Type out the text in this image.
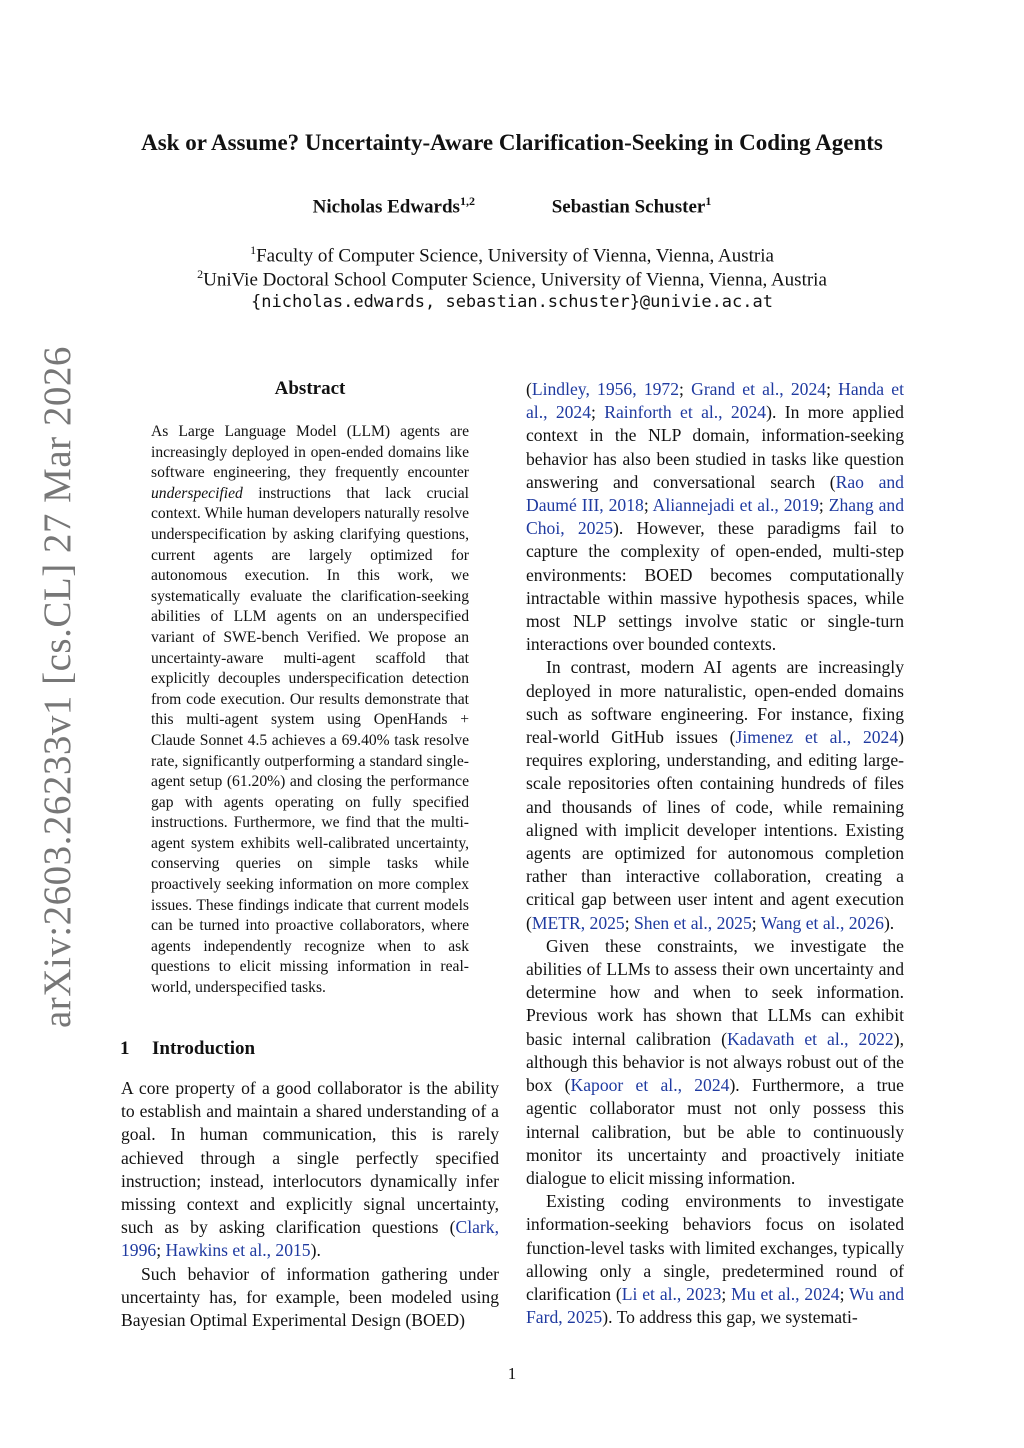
Ask or Assume? Uncertainty-Aware Clarification-Seeking in Coding Agents
Nicholas Edwards$^{1,2}$	Sebastian Schuster$^1$
$^1$Faculty of Computer Science, University of Vienna, Vienna, Austria
$^2$UniVie Doctoral School Computer Science, University of Vienna, Vienna, Austria
{nicholas.edwards, sebastian.schuster}@univie.ac.at
arXiv:2603.26233v1 [cs.CL] 27 Mar 2026	Abstract
As Large Language Model (LLM) agents are increasingly deployed in open-ended domains like software engineering, they frequently encounter underspecified instructions that lack crucial context. While human developers naturally resolve underspecification by asking clarifying questions, current agents are largely optimized for autonomous execution. In this work, we systematically evaluate the clarification-seeking abilities of LLM agents on an underspecified variant of SWE-bench Verified. We propose an uncertainty-aware multi-agent scaffold that explicitly decouples underspecification detection from code execution. Our results demonstrate that this multi-agent system using OpenHands + Claude Sonnet 4.5 achieves a 69.40% task resolve rate, significantly outperforming a standard single-agent setup (61.20%) and closing the performance gap with agents operating on fully specified instructions. Furthermore, we find that the multi-agent system exhibits well-calibrated uncertainty, conserving queries on simple tasks while proactively seeking information on more complex issues. These findings indicate that current models can be turned into proactive collaborators, where agents independently recognize when to ask questions to elicit missing information in real-world, underspecified tasks.
1 Introduction

A core property of a good collaborator is the ability to establish and maintain a shared understanding of a goal. In human communication, this is rarely achieved through a single perfectly specified instruction; instead, interlocutors dynamically infer missing context and explicitly signal uncertainty, such as by asking clarification questions (Clark, 1996; Hawkins et al., 2015).

Such behavior of information gathering under uncertainty has, for example, been modeled using Bayesian Optimal Experimental Design (BOED)

(Lindley, 1956, 1972; Grand et al., 2024; Handa et al., 2024; Rainforth et al., 2024). In more applied context in the NLP domain, information-seeking behavior has also been studied in tasks like question answering and conversational search (Rao and Daumé III, 2018; Aliannejadi et al., 2019; Zhang and Choi, 2025). However, these paradigms fail to capture the complexity of open-ended, multi-step environments: BOED becomes computationally intractable within massive hypothesis spaces, while most NLP settings involve static or single-turn interactions over bounded contexts.

In contrast, modern AI agents are increasingly deployed in more naturalistic, open-ended domains such as software engineering. For instance, fixing real-world GitHub issues (Jimenez et al., 2024) requires exploring, understanding, and editing large-scale repositories often containing hundreds of files and thousands of lines of code, while remaining aligned with implicit developer intentions. Existing agents are optimized for autonomous completion rather than interactive collaboration, creating a critical gap between user intent and agent execution (METR, 2025; Shen et al., 2025; Wang et al., 2026).

Given these constraints, we investigate the abilities of LLMs to assess their own uncertainty and determine how and when to seek information. Previous work has shown that LLMs can exhibit basic internal calibration (Kadavath et al., 2022), although this behavior is not always robust out of the box (Kapoor et al., 2024). Furthermore, a true agentic collaborator must not only possess this internal calibration, but be able to continuously monitor its uncertainty and proactively initiate dialogue to elicit missing information.

Existing coding environments to investigate information-seeking behaviors focus on isolated function-level tasks with limited exchanges, typically allowing only a single, predetermined round of clarification (Li et al., 2023; Mu et al., 2024; Wu and Fard, 2025). To address this gap, we systemati-

1
